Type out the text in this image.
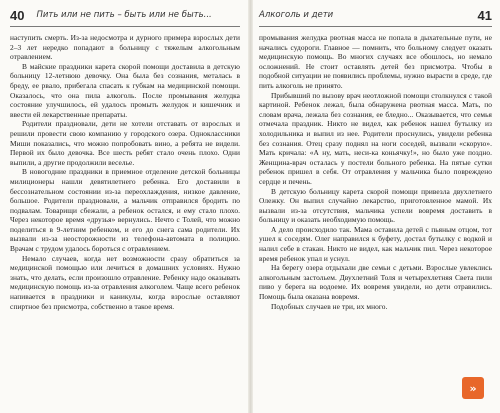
40 Пить или не пить – быть или не быть...

наступить смерть. Из-за недосмотра и дурного примера взрослых дети 2–3 лет нередко попадают в больницу с тяжелым алкогольным отравлением.

В майские праздники карета скорой помощи доставила в детскую больницу 12-летнюю девочку. Она была без сознания, металась в бреду, ее рвало, прибегала спасать к губкам на медицинской помощи. Оказалось, что она пила алкоголь. После промывания желудка состояние улучшилось, ей удалось промыть желудок и кишечник и ввести ей лекарственные препараты.

Родители праздновали, дети не хотели отставать от взрослых и решили провести свою компанию у городского озера. Одноклассники Миши показались, что можно попробовать вино, а ребята не видели. Первой их было девочка. Все шесть ребят стало очень плохо. Одни выпили, а другие продолжили веселье.

В новогодние праздники в приемное отделение детской больницы милиционеры нашли девятилетнего ребенка. Его доставили в бессознательном состоянии из-за переохлаждения, низкое давление, большое. Родители праздновали, а мальчик отправился бродить по подвалам. Товарищи сбежали, а ребенок остался, и ему стало плохо. Через некоторое время «друзья» вернулись. Нечто с Толей, что можно поделиться в 9-летним ребенком, и его до снега сама родители. Их вызвали из-за неосторожности из телефона-автомата в полицию. Врачам с трудом удалось бороться с отравлением.

Немало случаев, когда нет возможности сразу обратиться за медицинской помощью или лечиться в домашних условиях. Нужно знать, что делать, если произошло отравление. Ребенку надо оказывать медицинскую помощь из-за отравления алкоголем. Чаще всего ребенок напивается в праздники и каникулы, когда взрослые оставляют спиртное без присмотра, собственно в такое время.

Алкоголь и дети	41

промывания желудка рвотная масса не попала в дыхательные пути, не начались судороги. Главное — помнить, что больному следует оказать медицинскую помощь. Во многих случаях все обошлось, но немало осложнений. Не стоит оставлять детей без присмотра. Чтобы в подобной ситуации не появились проблемы, нужно вырасти в среде, где пить алкоголь не принято.

Прибывший по вызову врач неотложной помощи столкнулся с такой картиной. Ребенок лежал, была обнаружена рвотная масса. Мать, по словам врача, лежала без сознания, ее бледно... Оказывается, что семья отмечала праздник. Никто не видел, как ребенок нашел бутылку из холодильника и выпил из нее. Родители проснулись, увидели ребенка без сознания. Отец сразу поднял на ноги соседей, вызвали «скорую». Мать кричала: «А ну, мать, неси-ка коньячку!», но было уже поздно. Женщина-врач осталась у постели больного ребенка. На пятые сутки ребенок пришел в себя. От отравления у мальчика было повреждено сердце и печень.

В детскую больницу карета скорой помощи привезла двухлетнего Олежку. Он выпил случайно лекарство, приготовленное мамой. Их вызвали из-за отсутствия, мальчика успели вовремя доставить в больницу и оказать необходимую помощь.

А дело происходило так. Мама оставила детей с пьяным отцом, тот ушел к соседям. Олег направился к буфету, достал бутылку с водкой и налил себе в стакан. Никто не видел, как мальчик пил. Через некоторое время ребенок упал и уснул.

На берегу озера отдыхали две семьи с детьми. Взрослые увлеклись алкогольным застольем. Двухлетний Толя и четырехлетняя Света пили пиво у берега на водоеме. Их вовремя увидели, но дети отравились. Помощь была оказана вовремя.

Подобных случаев не три, их много.

»
